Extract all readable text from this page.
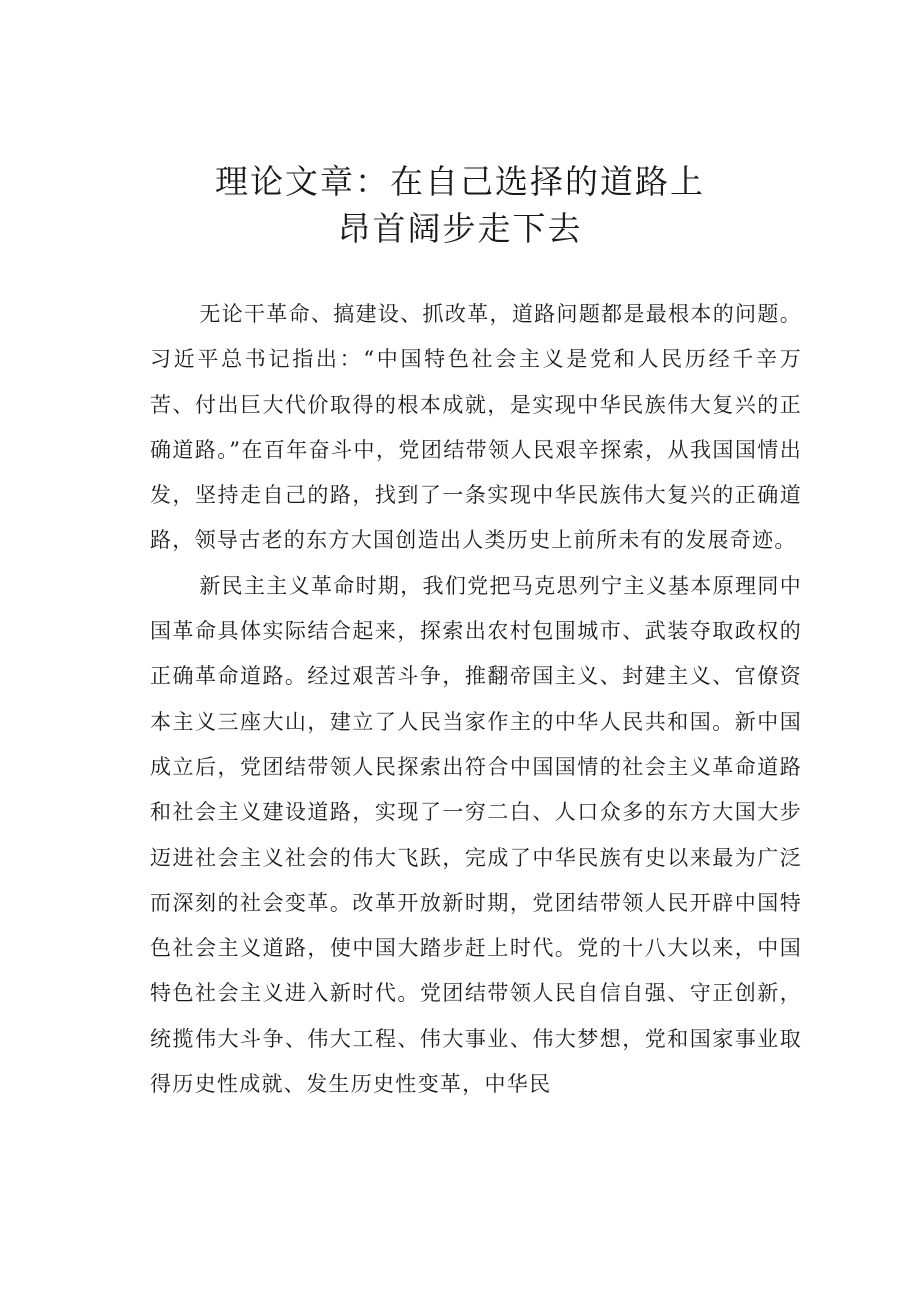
理论文章：在自己选择的道路上
昂首阔步走下去

无论干革命、搞建设、抓改革，道路问题都是最根本的问题。习近平总书记指出：“中国特色社会主义是党和人民历经千辛万苦、付出巨大代价取得的根本成就，是实现中华民族伟大复兴的正确道路。”在百年奋斗中，党团结带领人民艰辛探索，从我国国情出发，坚持走自己的路，找到了一条实现中华民族伟大复兴的正确道路，领导古老的东方大国创造出人类历史上前所未有的发展奇迹。

新民主主义革命时期，我们党把马克思列宁主义基本原理同中国革命具体实际结合起来，探索出农村包围城市、武装夺取政权的正确革命道路。经过艰苦斗争，推翻帝国主义、封建主义、官僚资本主义三座大山，建立了人民当家作主的中华人民共和国。新中国成立后，党团结带领人民探索出符合中国国情的社会主义革命道路和社会主义建设道路，实现了一穷二白、人口众多的东方大国大步迈进社会主义社会的伟大飞跃，完成了中华民族有史以来最为广泛而深刻的社会变革。改革开放新时期，党团结带领人民开辟中国特色社会主义道路，使中国大踏步赶上时代。党的十八大以来，中国特色社会主义进入新时代。党团结带领人民自信自强、守正创新，统揽伟大斗争、伟大工程、伟大事业、伟大梦想，党和国家事业取得历史性成就、发生历史性变革，中华民
